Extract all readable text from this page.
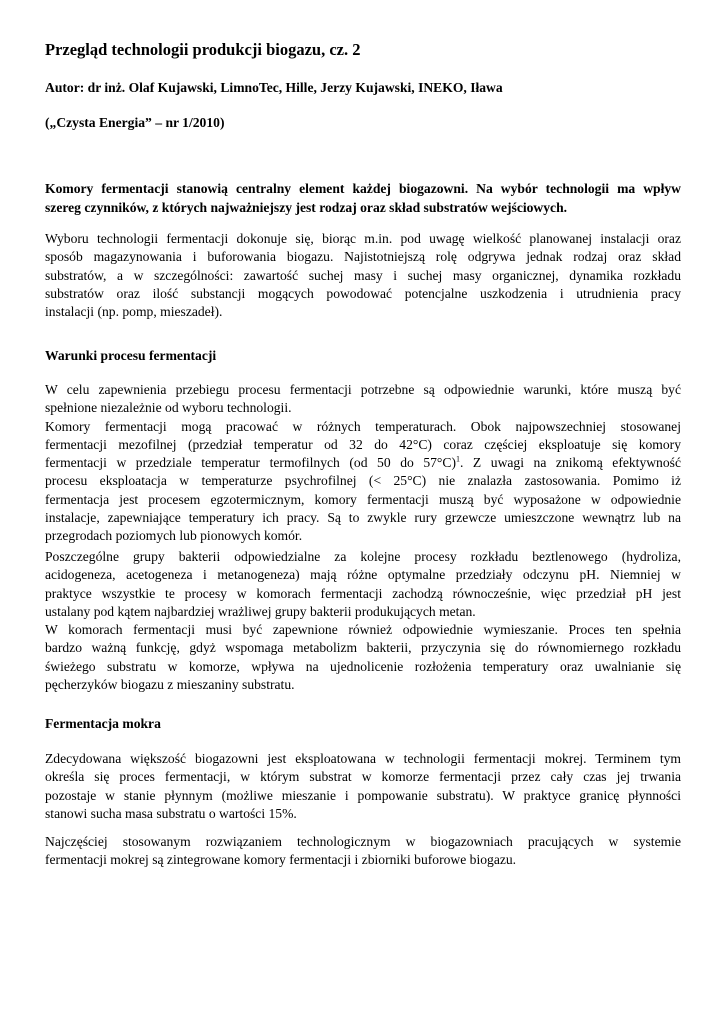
Przegląd technologii produkcji biogazu, cz. 2
Autor: dr inż. Olaf Kujawski, LimnoTec, Hille, Jerzy Kujawski, INEKO, Iława
(„Czysta Energia” – nr 1/2010)
Komory fermentacji stanowią centralny element każdej biogazowni. Na wybór technologii ma wpływ
szereg czynników, z których najważniejszy jest rodzaj oraz skład substratów wejściowych.
Wyboru technologii fermentacji dokonuje się, biorąc m.in. pod uwagę wielkość planowanej instalacji oraz
sposób magazynowania i buforowania biogazu. Najistotniejszą rolę odgrywa jednak rodzaj oraz skład
substratów, a w szczególności: zawartość suchej masy i suchej masy organicznej, dynamika rozkładu
substratów oraz ilość substancji mogących powodować potencjalne uszkodzenia i utrudnienia pracy
instalacji (np. pomp, mieszadeł).
Warunki procesu fermentacji
W celu zapewnienia przebiegu procesu fermentacji potrzebne są odpowiednie warunki, które muszą być
spełnione niezależnie od wyboru technologii.
Komory fermentacji mogą pracować w różnych temperaturach. Obok najpowszechniej stosowanej
fermentacji mezofilnej (przedział temperatur od 32 do 42°C) coraz częściej eksploatuje się komory
fermentacji w przedziale temperatur termofilnych (od 50 do 57°C)$^1$. Z uwagi na znikomą efektywność
procesu eksploatacja w temperaturze psychrofilnej (< 25°C) nie znalazła zastosowania. Pomimo iż
fermentacja jest procesem egzotermicznym, komory fermentacji muszą być wyposażone w odpowiednie
instalacje, zapewniające temperatury ich pracy. Są to zwykle rury grzewcze umieszczone wewnątrz lub na
przegrodach poziomych lub pionowych komór.
Poszczególne grupy bakterii odpowiedzialne za kolejne procesy rozkładu beztlenowego (hydroliza,
acidogeneza, acetogeneza i metanogeneza) mają różne optymalne przedziały odczynu pH. Niemniej w
praktyce wszystkie te procesy w komorach fermentacji zachodzą równocześnie, więc przedział pH jest
ustalany pod kątem najbardziej wrażliwej grupy bakterii produkujących metan.
W komorach fermentacji musi być zapewnione również odpowiednie wymieszanie. Proces ten spełnia
bardzo ważną funkcję, gdyż wspomaga metabolizm bakterii, przyczynia się do równomiernego rozkładu
świeżego substratu w komorze, wpływa na ujednolicenie rozłożenia temperatury oraz uwalnianie się
pęcherzyków biogazu z mieszaniny substratu.
Fermentacja mokra
Zdecydowana większość biogazowni jest eksploatowana w technologii fermentacji mokrej. Terminem tym
określa się proces fermentacji, w którym substrat w komorze fermentacji przez cały czas jej trwania
pozostaje w stanie płynnym (możliwe mieszanie i pompowanie substratu). W praktyce granicę płynności
stanowi sucha masa substratu o wartości 15%.
Najczęściej stosowanym rozwiązaniem technologicznym w biogazowniach pracujących w systemie
fermentacji mokrej są zintegrowane komory fermentacji i zbiorniki buforowe biogazu.
